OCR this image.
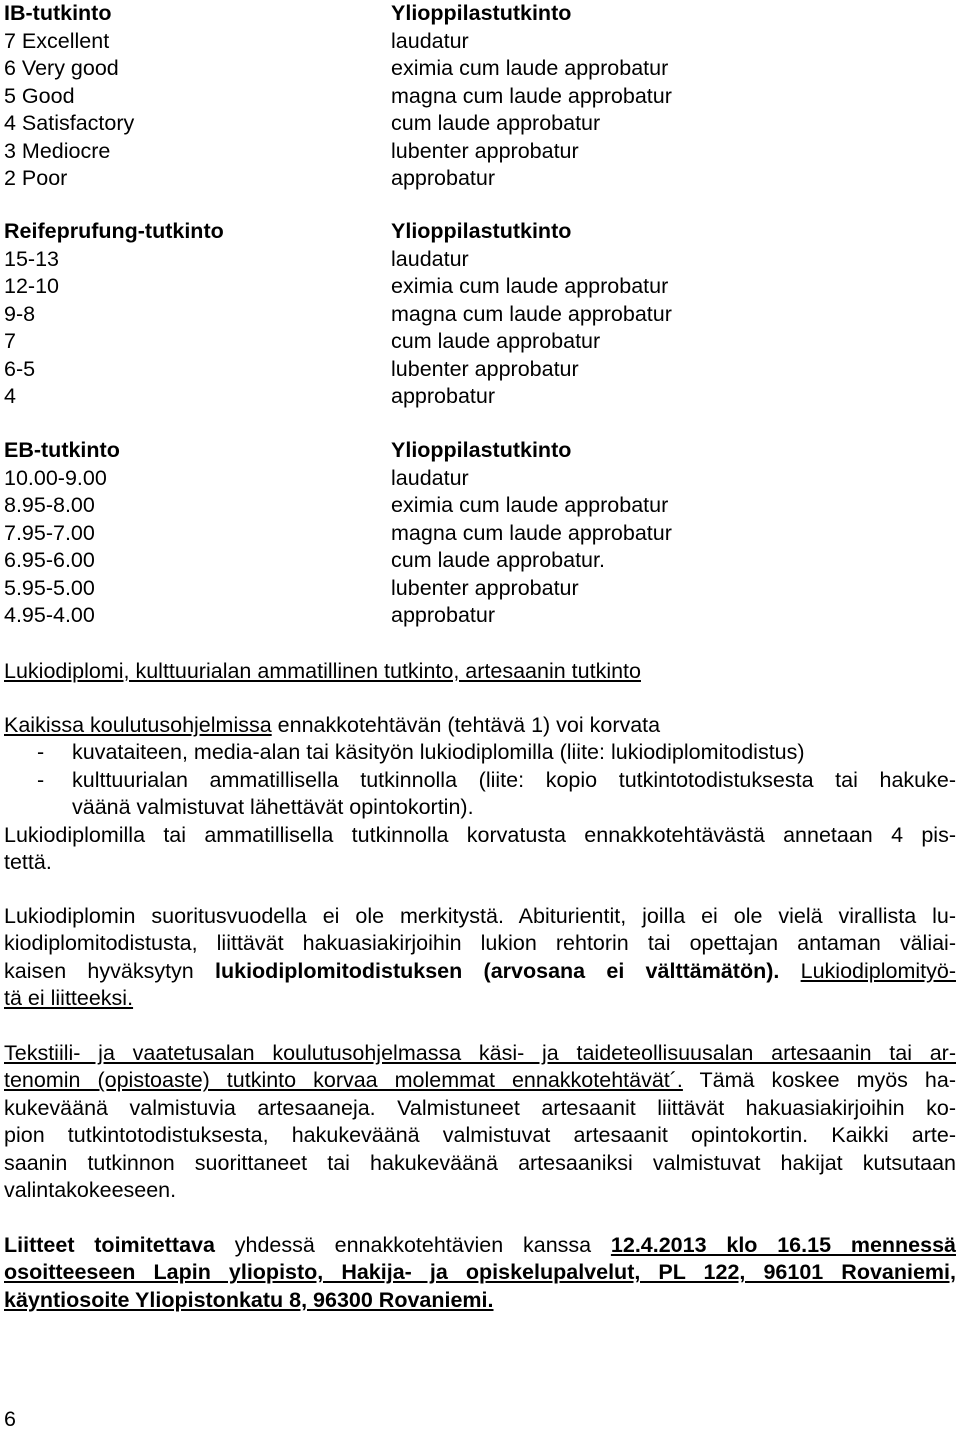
IB-tutkinto	Ylioppilastutkinto
7 Excellent	laudatur
6 Very good	eximia cum laude approbatur
5 Good	magna cum laude approbatur
4 Satisfactory	cum laude approbatur
3 Mediocre	lubenter approbatur
2 Poor	approbatur
Reifeprufung-tutkinto	Ylioppilastutkinto
15-13	laudatur
12-10	eximia cum laude approbatur
9-8	magna cum laude approbatur
7	cum laude approbatur
6-5	lubenter approbatur
4	approbatur
EB-tutkinto	Ylioppilastutkinto
10.00-9.00	laudatur
8.95-8.00	eximia cum laude approbatur
7.95-7.00	magna cum laude approbatur
6.95-6.00	cum laude approbatur.
5.95-5.00	lubenter approbatur
4.95-4.00	approbatur
Lukiodiplomi, kulttuurialan ammatillinen tutkinto, artesaanin tutkinto
Kaikissa koulutusohjelmissa ennakkotehtävän (tehtävä 1) voi korvata
- kuvataiteen, media-alan tai käsityön lukiodiplomilla (liite: lukiodiplomitodistus)
- kulttuurialan ammatillisella tutkinnolla (liite: kopio tutkintotodistuksesta tai hakuke-
väänä valmistuvat lähettävät opintokortin).
Lukiodiplomilla tai ammatillisella tutkinnolla korvatusta ennakkotehtävästä annetaan 4 pis-
tettä.
Lukiodiplomin suoritusvuodella ei ole merkitystä. Abiturientit, joilla ei ole vielä virallista lu-
kiodiplomitodistusta, liittävät hakuasiakirjoihin lukion rehtorin tai opettajan antaman väliai-
kaisen hyväksytyn lukiodiplomitodistuksen (arvosana ei välttämätön). Lukiodiplomityö-
tä ei liitteeksi.
Tekstiili- ja vaatetusalan koulutusohjelmassa käsi- ja taideteollisuusalan artesaanin tai ar-
tenomin (opistoaste) tutkinto korvaa molemmat ennakkotehtävät´. Tämä koskee myös ha-
kukeväänä valmistuvia artesaaneja. Valmistuneet artesaanit liittävät hakuasiakirjoihin ko-
pion tutkintotodistuksesta, hakukeväänä valmistuvat artesaanit opintokortin. Kaikki arte-
saanin tutkinnon suorittaneet tai hakukeväänä artesaaniksi valmistuvat hakijat kutsutaan
valintakokeeseen.
Liitteet toimitettava yhdessä ennakkotehtävien kanssa 12.4.2013 klo 16.15 mennessä
osoitteeseen Lapin yliopisto, Hakija- ja opiskelupalvelut, PL 122, 96101 Rovaniemi,
käyntiosoite Yliopistonkatu 8, 96300 Rovaniemi.
6
